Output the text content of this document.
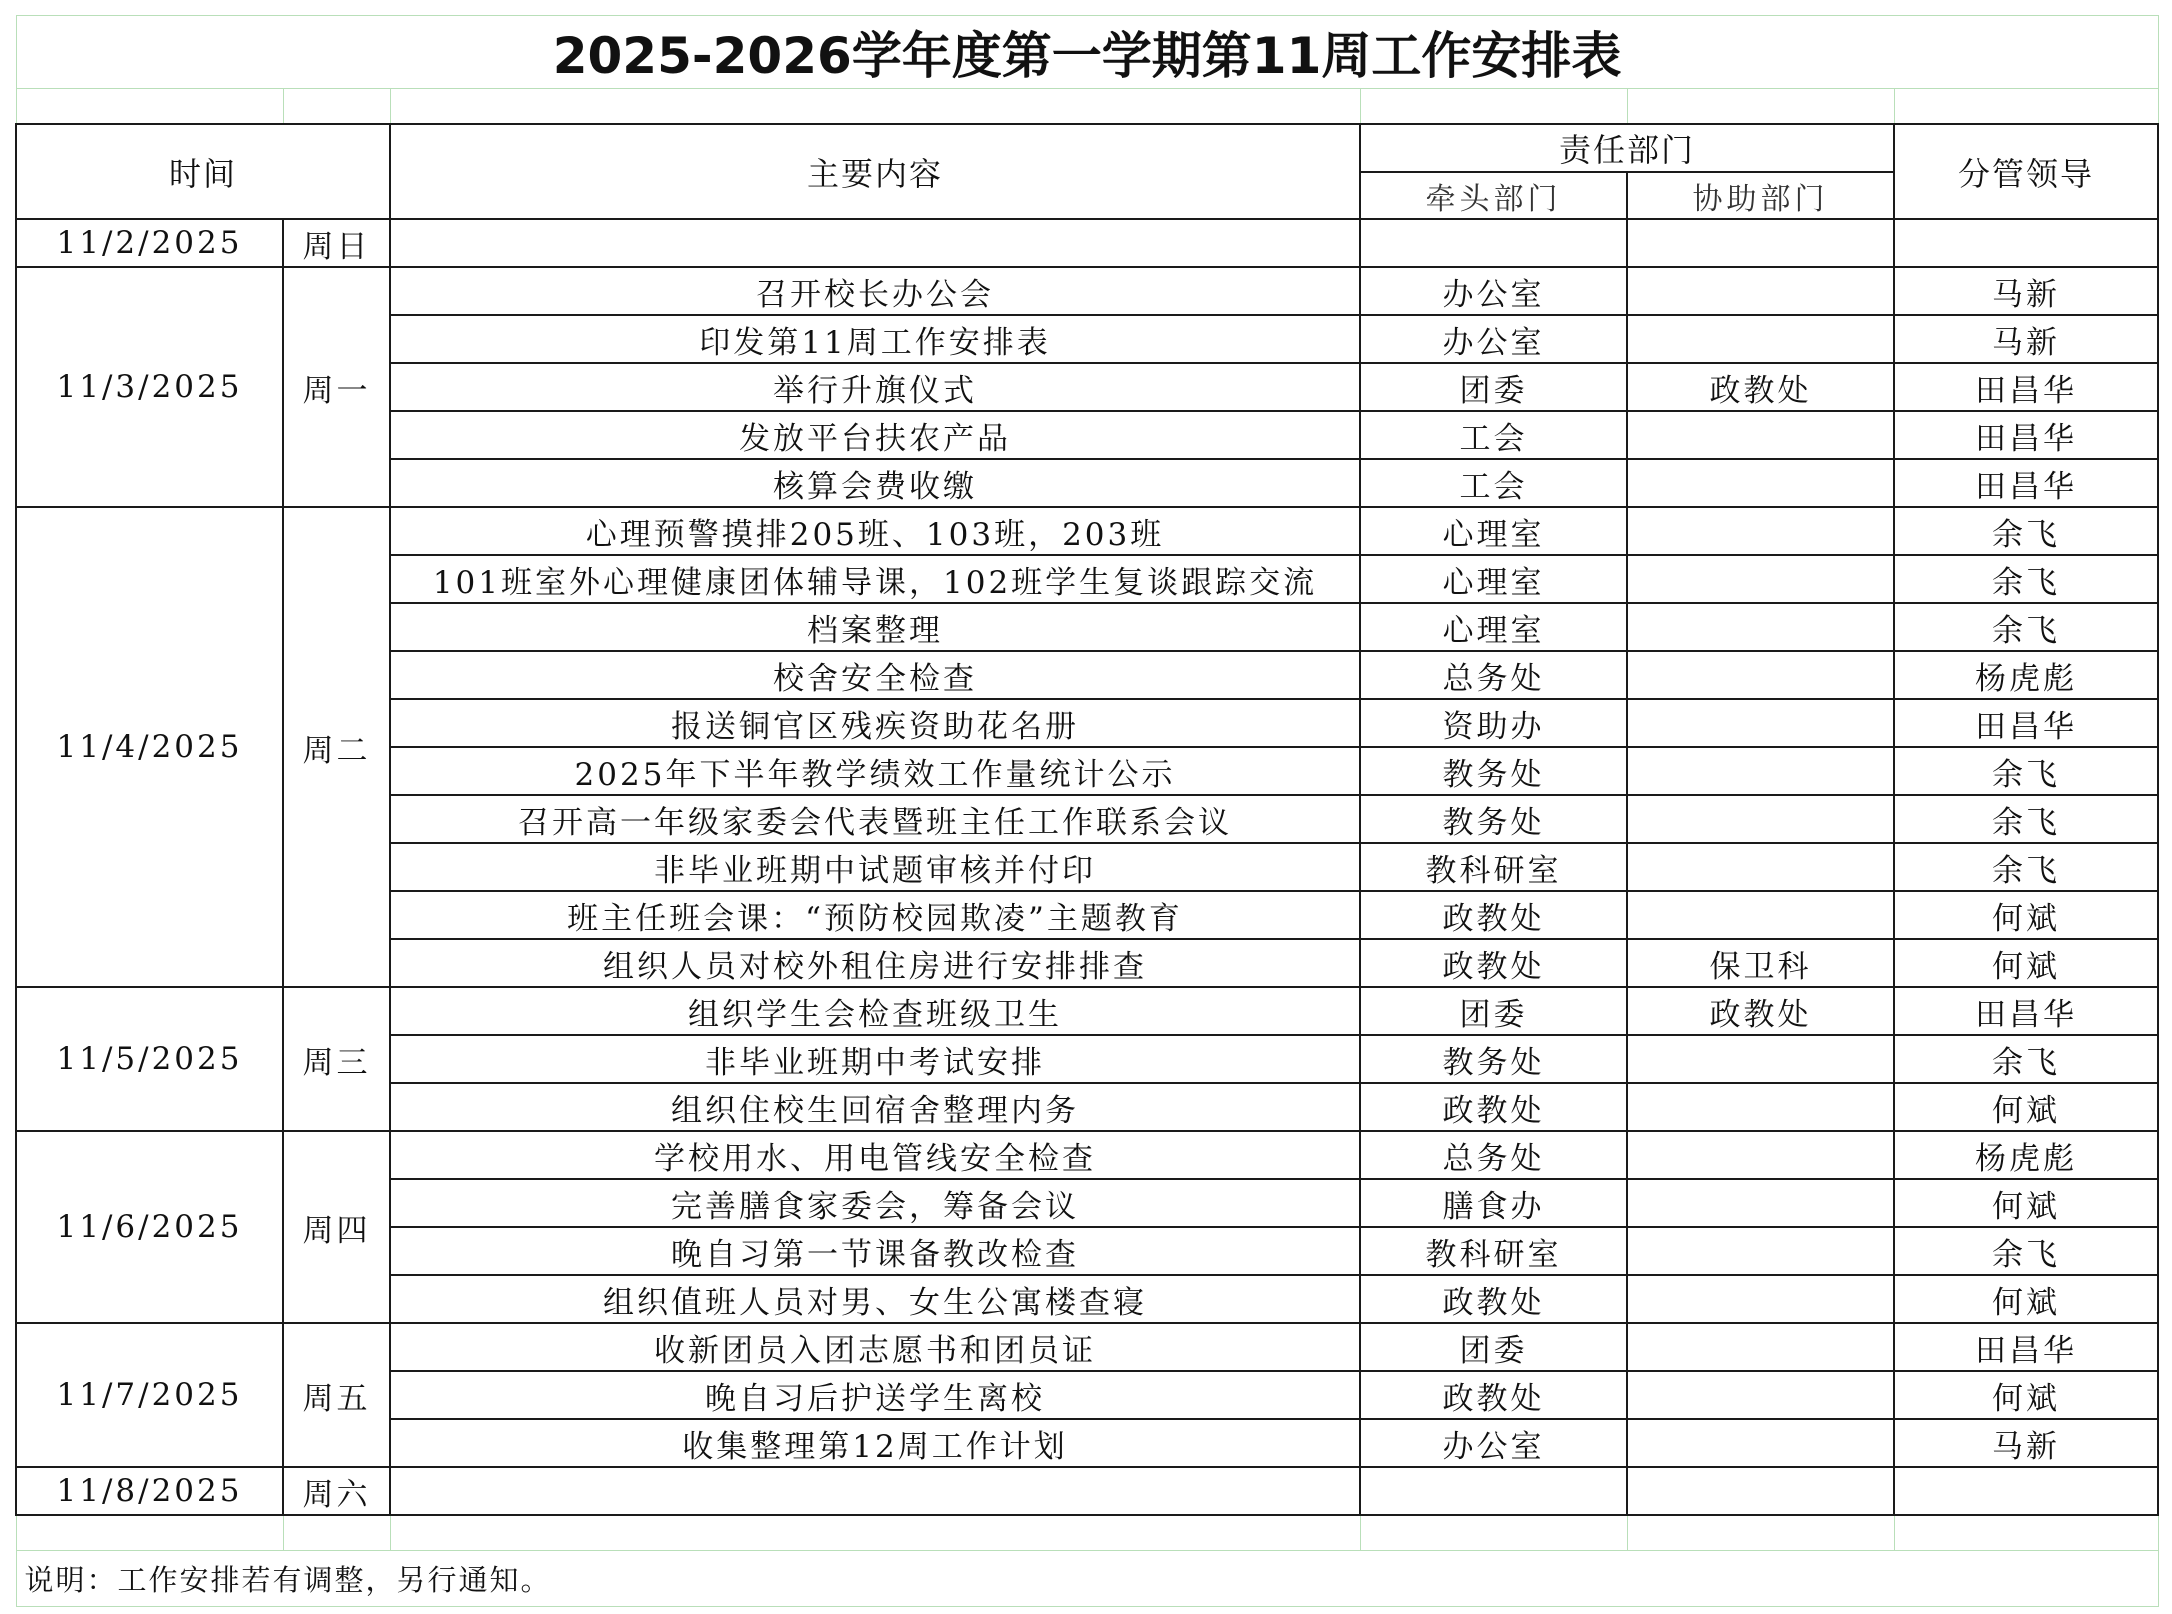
2025-2026学年度第一学期第11周工作安排表					

时间		主要内容	责任部门		分管领导
			牵头部门	协助部门	
11/2/2025	周日				
11/3/2025	周一	召开校长办公会	办公室		马新
		印发第11周工作安排表	办公室		马新
		举行升旗仪式	团委	政教处	田昌华
		发放平台扶农产品	工会		田昌华
		核算会费收缴	工会		田昌华
11/4/2025	周二	心理预警摸排205班、103班，203班	心理室		余飞
		101班室外心理健康团体辅导课，102班学生复谈跟踪交流	心理室		余飞
		档案整理	心理室		余飞
		校舍安全检查	总务处		杨虎彪
		报送铜官区残疾资助花名册	资助办		田昌华
		2025年下半年教学绩效工作量统计公示	教务处		余飞
		召开高一年级家委会代表暨班主任工作联系会议	教务处		余飞
		非毕业班期中试题审核并付印	教科研室		余飞
		班主任班会课：“预防校园欺凌”主题教育	政教处		何斌
		组织人员对校外租住房进行安排排查	政教处	保卫科	何斌
11/5/2025	周三	组织学生会检查班级卫生	团委	政教处	田昌华
		非毕业班期中考试安排	教务处		余飞
		组织住校生回宿舍整理内务	政教处		何斌
11/6/2025	周四	学校用水、用电管线安全检查	总务处		杨虎彪
		完善膳食家委会，筹备会议	膳食办		何斌
		晚自习第一节课备教改检查	教科研室		余飞
		组织值班人员对男、女生公寓楼查寝	政教处		何斌
11/7/2025	周五	收新团员入团志愿书和团员证	团委		田昌华
		晚自习后护送学生离校	政教处		何斌
		收集整理第12周工作计划	办公室		马新
11/8/2025	周六				

说明：工作安排若有调整，另行通知。					
